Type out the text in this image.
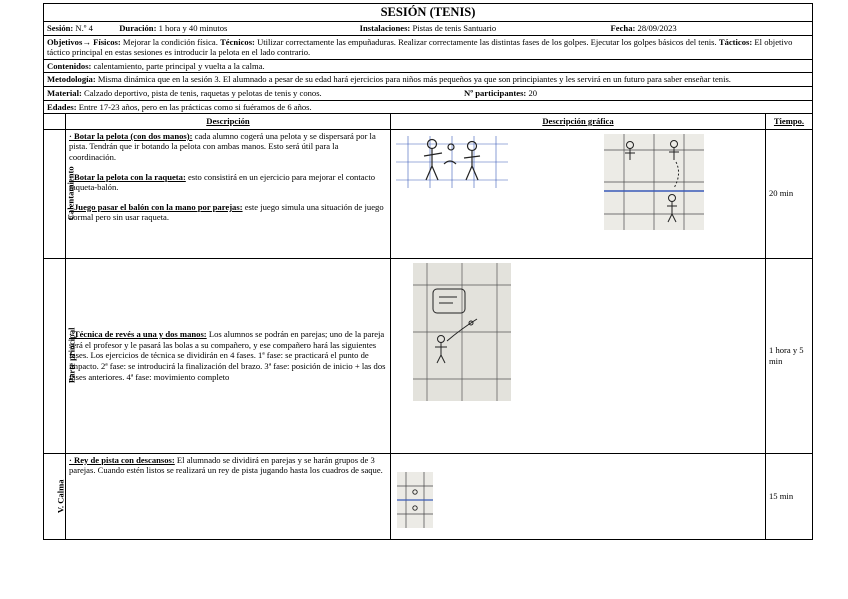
SESIÓN (TENIS)			
Sesión: N.º 4 Duración: 1 hora y 40 minutos Instalaciones: Pistas de tenis Santuario Fecha: 28/09/2023			
Objetivos→ Físicos: Mejorar la condición física. Técnicos: Utilizar correctamente las empuñaduras. Realizar correctamente las distintas fases de los golpes. Ejecutar los golpes básicos del tenis. Tácticos: El objetivo táctico principal en estas sesiones es introducir la pelota en el lado contrario.			
Contenidos: calentamiento, parte principal y vuelta a la calma.			
Metodología: Misma dinámica que en la sesión 3. El alumnado a pesar de su edad hará ejercicios para niños más pequeños ya que son principiantes y les servirá en un futuro para saber enseñar tenis.			
Material: Calzado deportivo, pista de tenis, raquetas y pelotas de tenis y conos. Nº participantes: 20			
Edades: Entre 17-23 años, pero en las prácticas como si fuéramos de 6 años.			
	Descripción	Descripción gráfica	Tiempo.
Calentamiento	· Botar la pelota (con dos manos): cada alumno cogerá una pelota y se dispersará por la pista. Tendrán que ir botando la pelota con ambas manos. Esto será útil para la coordinación.

· Botar la pelota con la raqueta: esto consistirá en un ejercicio para mejorar el contacto raqueta-balón.

· Juego pasar el balón con la mano por parejas: este juego simula una situación de juego normal pero sin usar raqueta.		20 min
Parte principal	· Técnica de revés a una y dos manos: Los alumnos se podrán en parejas; uno de la pareja será el profesor y le pasará las bolas a su compañero, y ese compañero hará las siguientes fases. Los ejercicios de técnica se dividirán en 4 fases. 1ª fase: se practicará el punto de impacto. 2ª fase: se introducirá la finalización del brazo. 3ª fase: posición de inicio + las dos fases anteriores. 4ª fase: movimiento completo		1 hora y 5 min
V. Calma	· Rey de pista con descansos: El alumnado se dividirá en parejas y se harán grupos de 3 parejas. Cuando estén listos se realizará un rey de pista jugando hasta los cuadros de saque.		15 min
